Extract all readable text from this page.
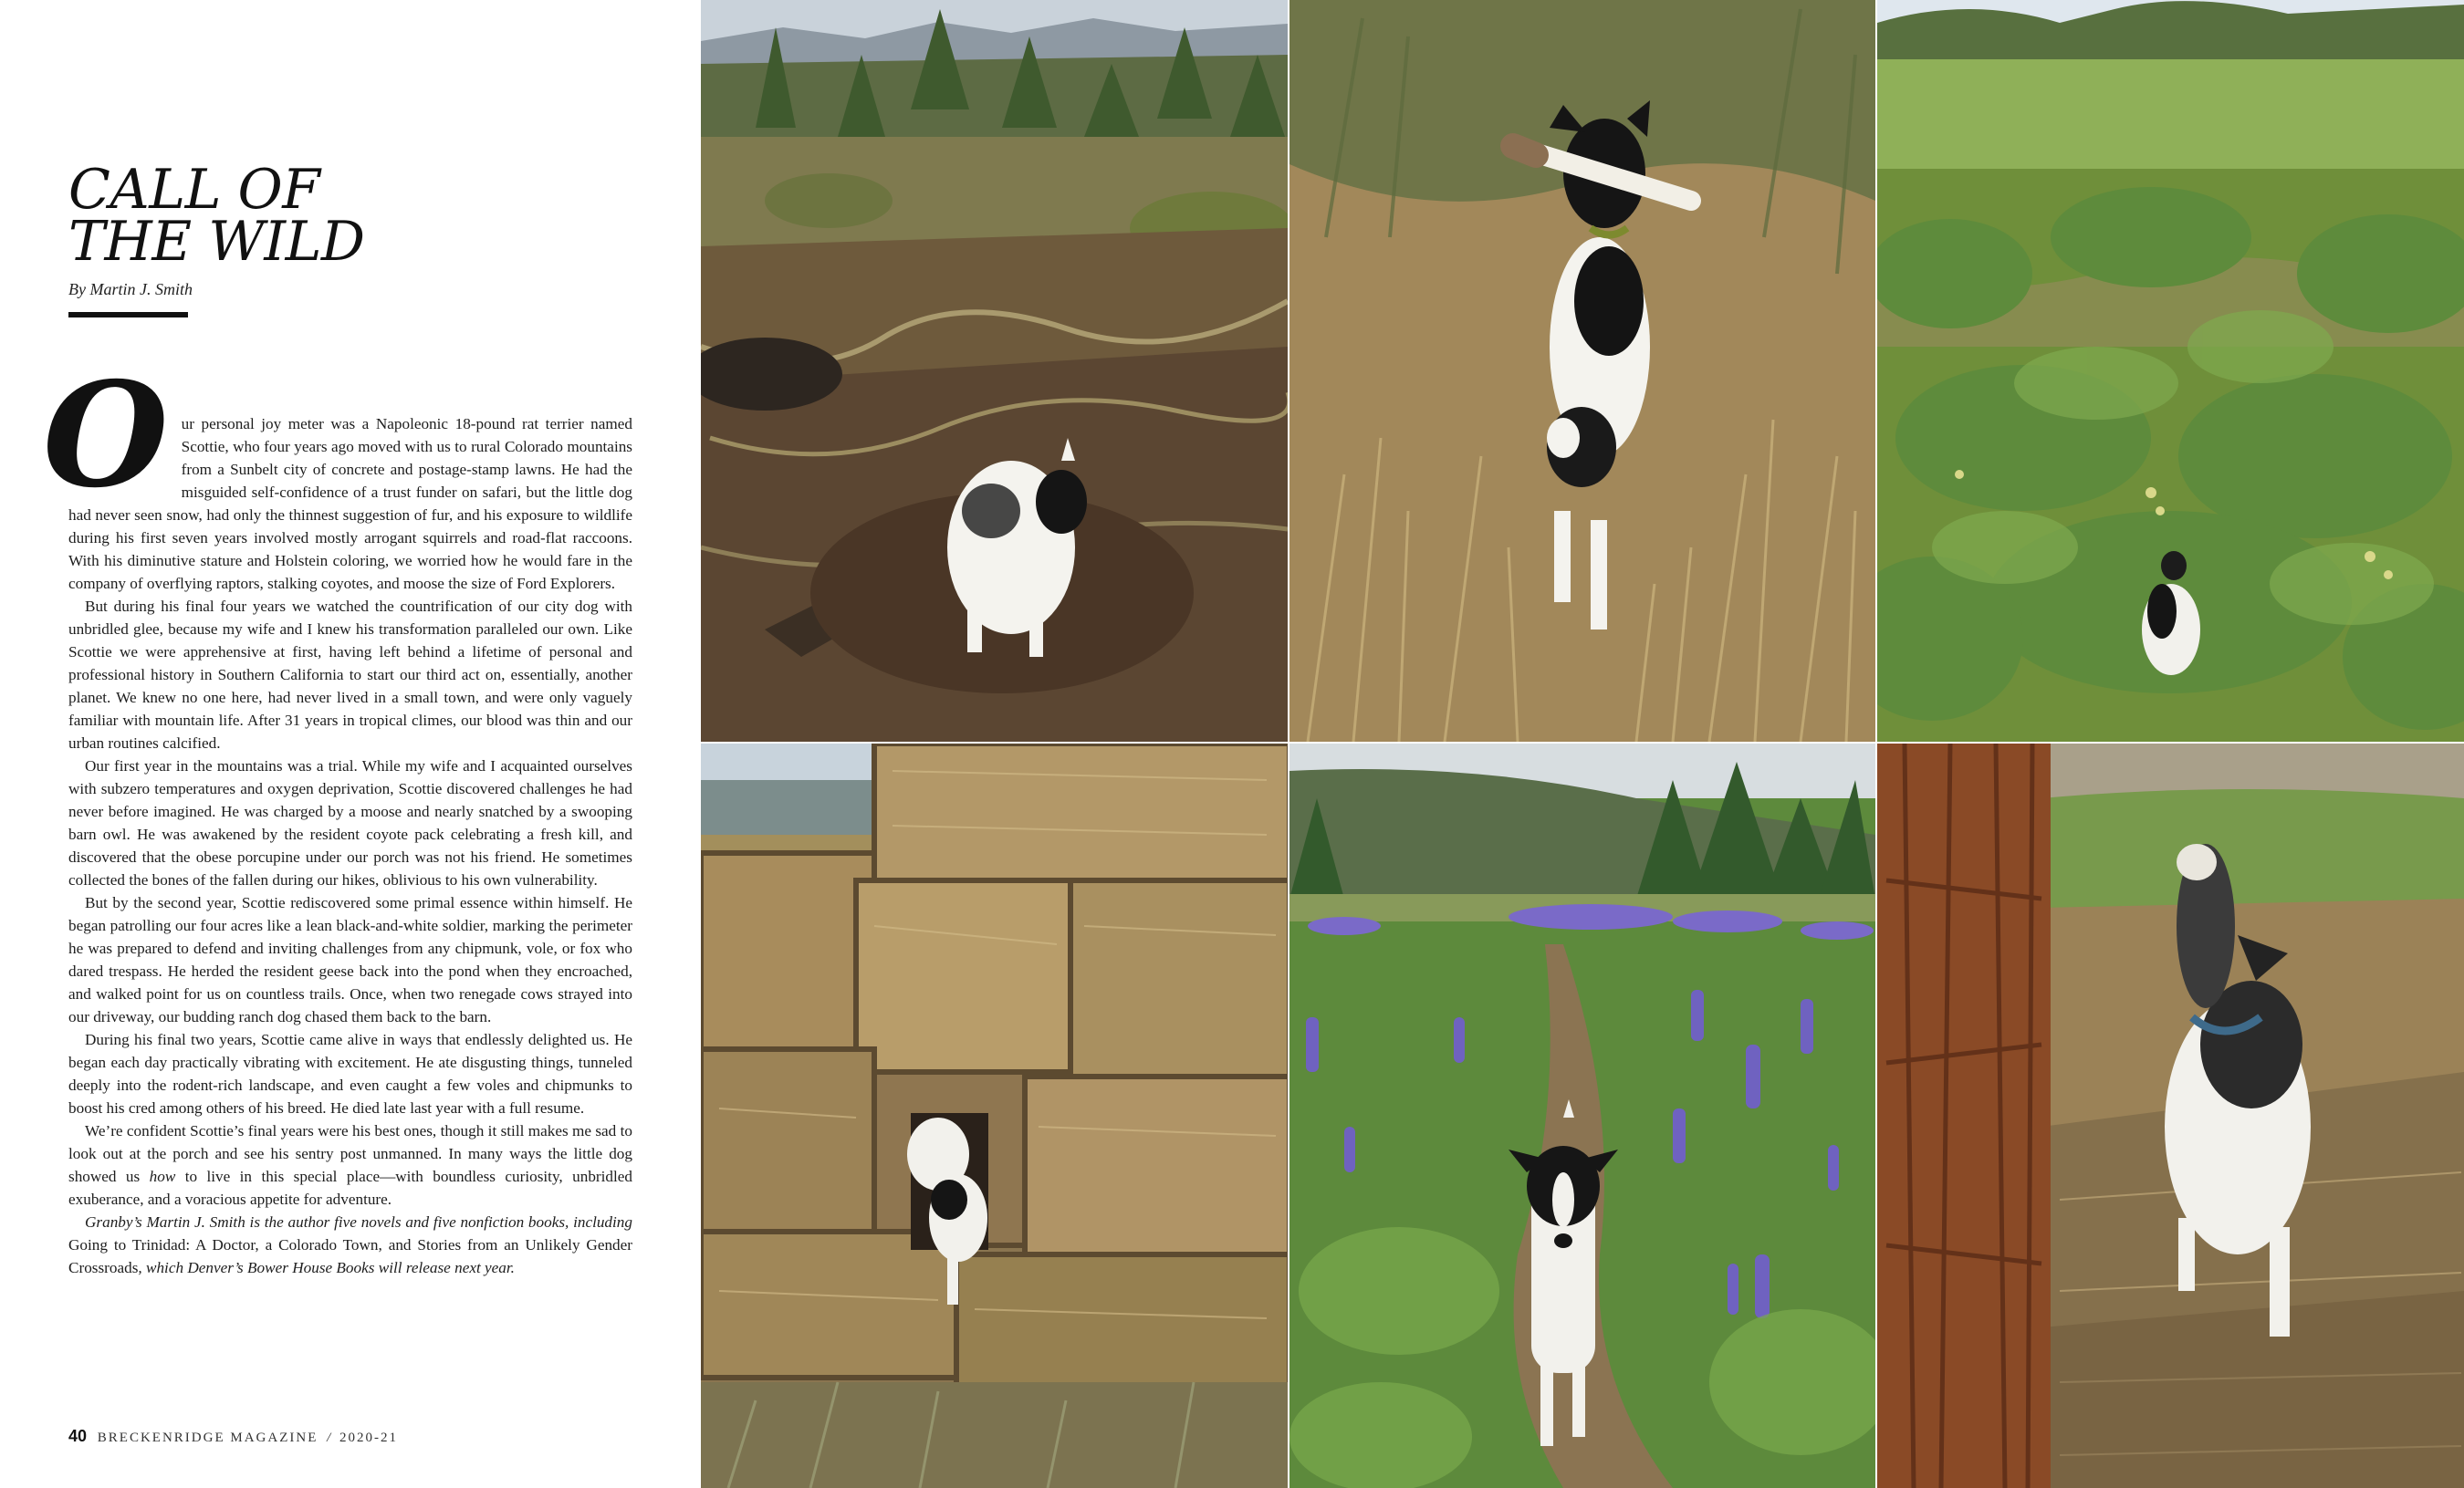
CALL OF
THE WILD
By Martin J. Smith

Our personal joy meter was a Napoleonic 18-pound rat terrier named Scottie, who four years ago moved with us to rural Colorado mountains from a Sunbelt city of concrete and postage-stamp lawns. He had the misguided self-confidence of a trust funder on safari, but the little dog had never seen snow, had only the thinnest suggestion of fur, and his exposure to wildlife during his first seven years involved mostly arrogant squirrels and road-flat raccoons. With his diminutive stature and Holstein coloring, we worried how he would fare in the company of overflying raptors, stalking coyotes, and moose the size of Ford Explorers.

But during his final four years we watched the countrification of our city dog with unbridled glee, because my wife and I knew his transformation paralleled our own. Like Scottie we were apprehensive at first, having left behind a lifetime of personal and professional history in Southern California to start our third act on, essentially, another planet. We knew no one here, had never lived in a small town, and were only vaguely familiar with mountain life. After 31 years in tropical climes, our blood was thin and our urban routines calcified.

Our first year in the mountains was a trial. While my wife and I acquainted ourselves with subzero temperatures and oxygen deprivation, Scottie discovered challenges he had never before imagined. He was charged by a moose and nearly snatched by a swooping barn owl. He was awakened by the resident coyote pack celebrating a fresh kill, and discovered that the obese porcupine under our porch was not his friend. He sometimes collected the bones of the fallen during our hikes, oblivious to his own vulnerability.

But by the second year, Scottie rediscovered some primal essence within himself. He began patrolling our four acres like a lean black-and-white soldier, marking the perimeter he was prepared to defend and inviting challenges from any chipmunk, vole, or fox who dared trespass. He herded the resident geese back into the pond when they encroached, and walked point for us on countless trails. Once, when two renegade cows strayed into our driveway, our budding ranch dog chased them back to the barn.

During his final two years, Scottie came alive in ways that endlessly delighted us. He began each day practically vibrating with excitement. He ate disgusting things, tunneled deeply into the rodent-rich landscape, and even caught a few voles and chipmunks to boost his cred among others of his breed. He died late last year with a full resume.

We’re confident Scottie’s final years were his best ones, though it still makes me sad to look out at the porch and see his sentry post unmanned. In many ways the little dog showed us how to live in this special place—with boundless curiosity, unbridled exuberance, and a voracious appetite for adventure.

Granby’s Martin J. Smith is the author five novels and five nonfiction books, including Going to Trinidad: A Doctor, a Colorado Town, and Stories from an Unlikely Gender Crossroads, which Denver’s Bower House Books will release next year.

40 BRECKENRIDGE MAGAZINE / 2020-21
